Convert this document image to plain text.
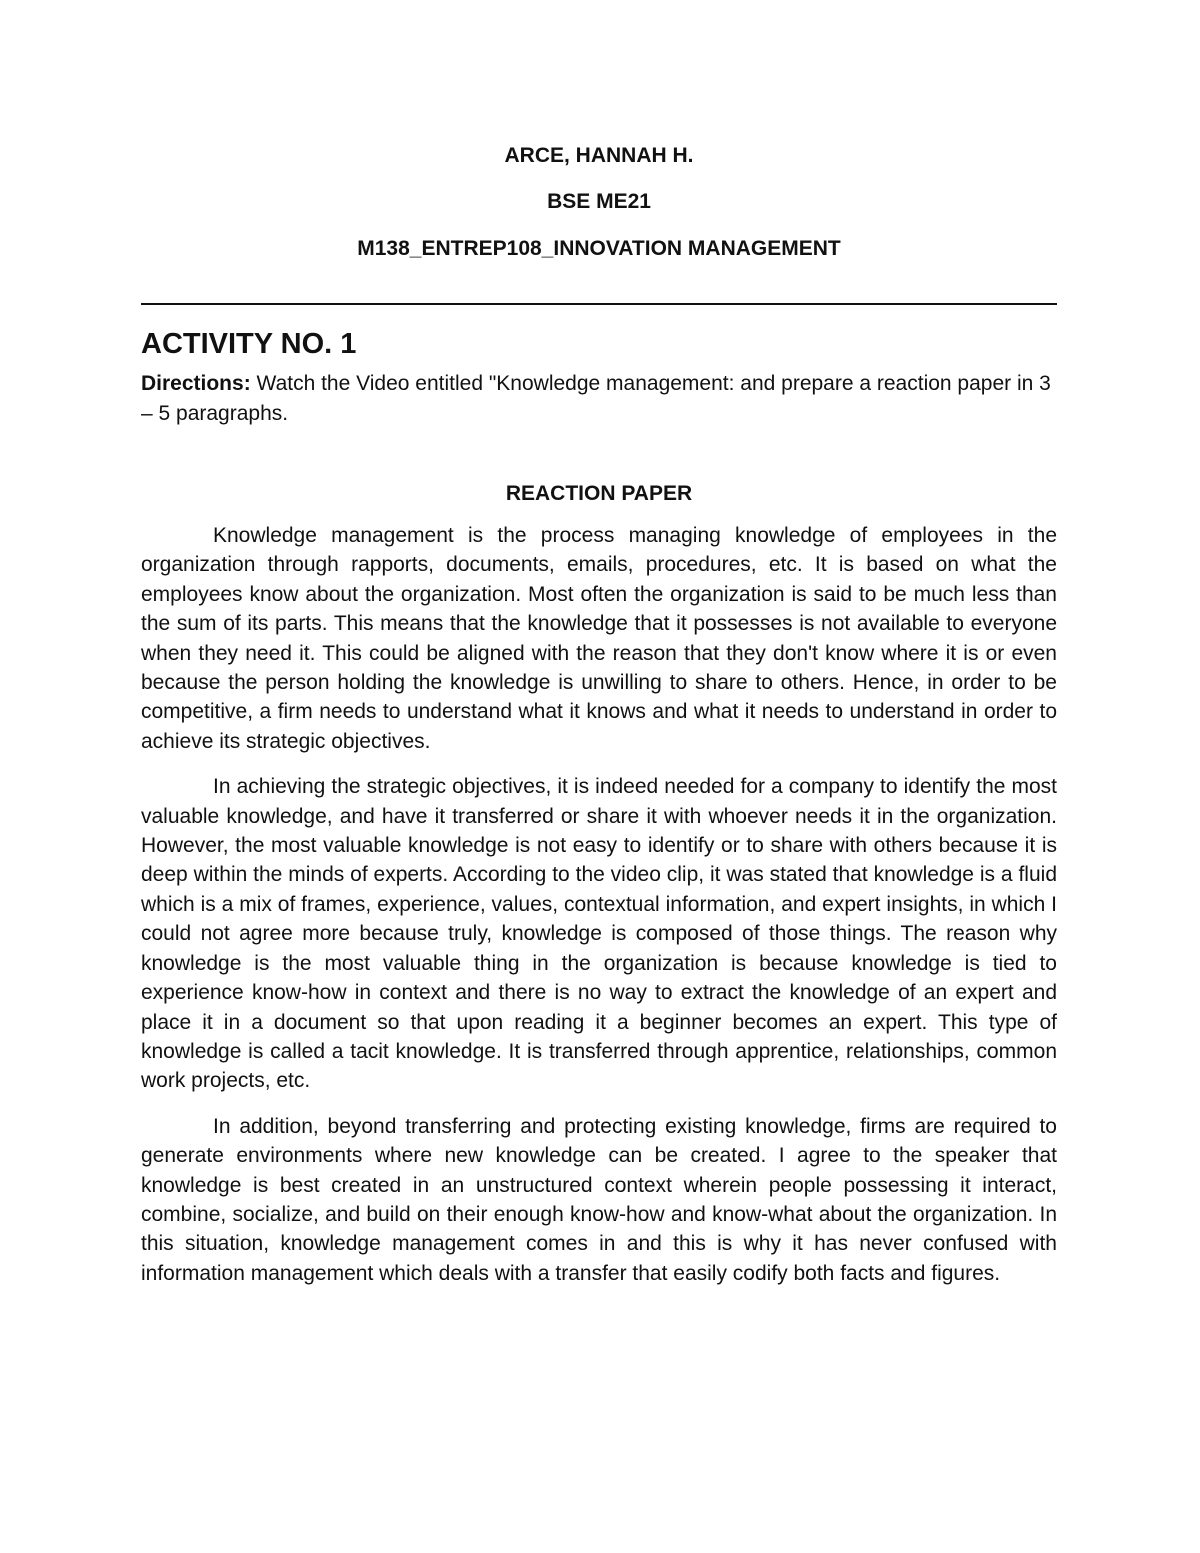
ARCE, HANNAH H.

BSE ME21

M138_ENTREP108_INNOVATION MANAGEMENT

ACTIVITY NO. 1

Directions: Watch the Video entitled "Knowledge management: and prepare a reaction paper in 3 – 5 paragraphs.

REACTION PAPER

Knowledge management is the process managing knowledge of employees in the organization through rapports, documents, emails, procedures, etc. It is based on what the employees know about the organization. Most often the organization is said to be much less than the sum of its parts. This means that the knowledge that it possesses is not available to everyone when they need it. This could be aligned with the reason that they don't know where it is or even because the person holding the knowledge is unwilling to share to others. Hence, in order to be competitive, a firm needs to understand what it knows and what it needs to understand in order to achieve its strategic objectives.

In achieving the strategic objectives, it is indeed needed for a company to identify the most valuable knowledge, and have it transferred or share it with whoever needs it in the organization. However, the most valuable knowledge is not easy to identify or to share with others because it is deep within the minds of experts. According to the video clip, it was stated that knowledge is a fluid which is a mix of frames, experience, values, contextual information, and expert insights, in which I could not agree more because truly, knowledge is composed of those things. The reason why knowledge is the most valuable thing in the organization is because knowledge is tied to experience know-how in context and there is no way to extract the knowledge of an expert and place it in a document so that upon reading it a beginner becomes an expert. This type of knowledge is called a tacit knowledge. It is transferred through apprentice, relationships, common work projects, etc.

In addition, beyond transferring and protecting existing knowledge, firms are required to generate environments where new knowledge can be created. I agree to the speaker that knowledge is best created in an unstructured context wherein people possessing it interact, combine, socialize, and build on their enough know-how and know-what about the organization. In this situation, knowledge management comes in and this is why it has never confused with information management which deals with a transfer that easily codify both facts and figures.
